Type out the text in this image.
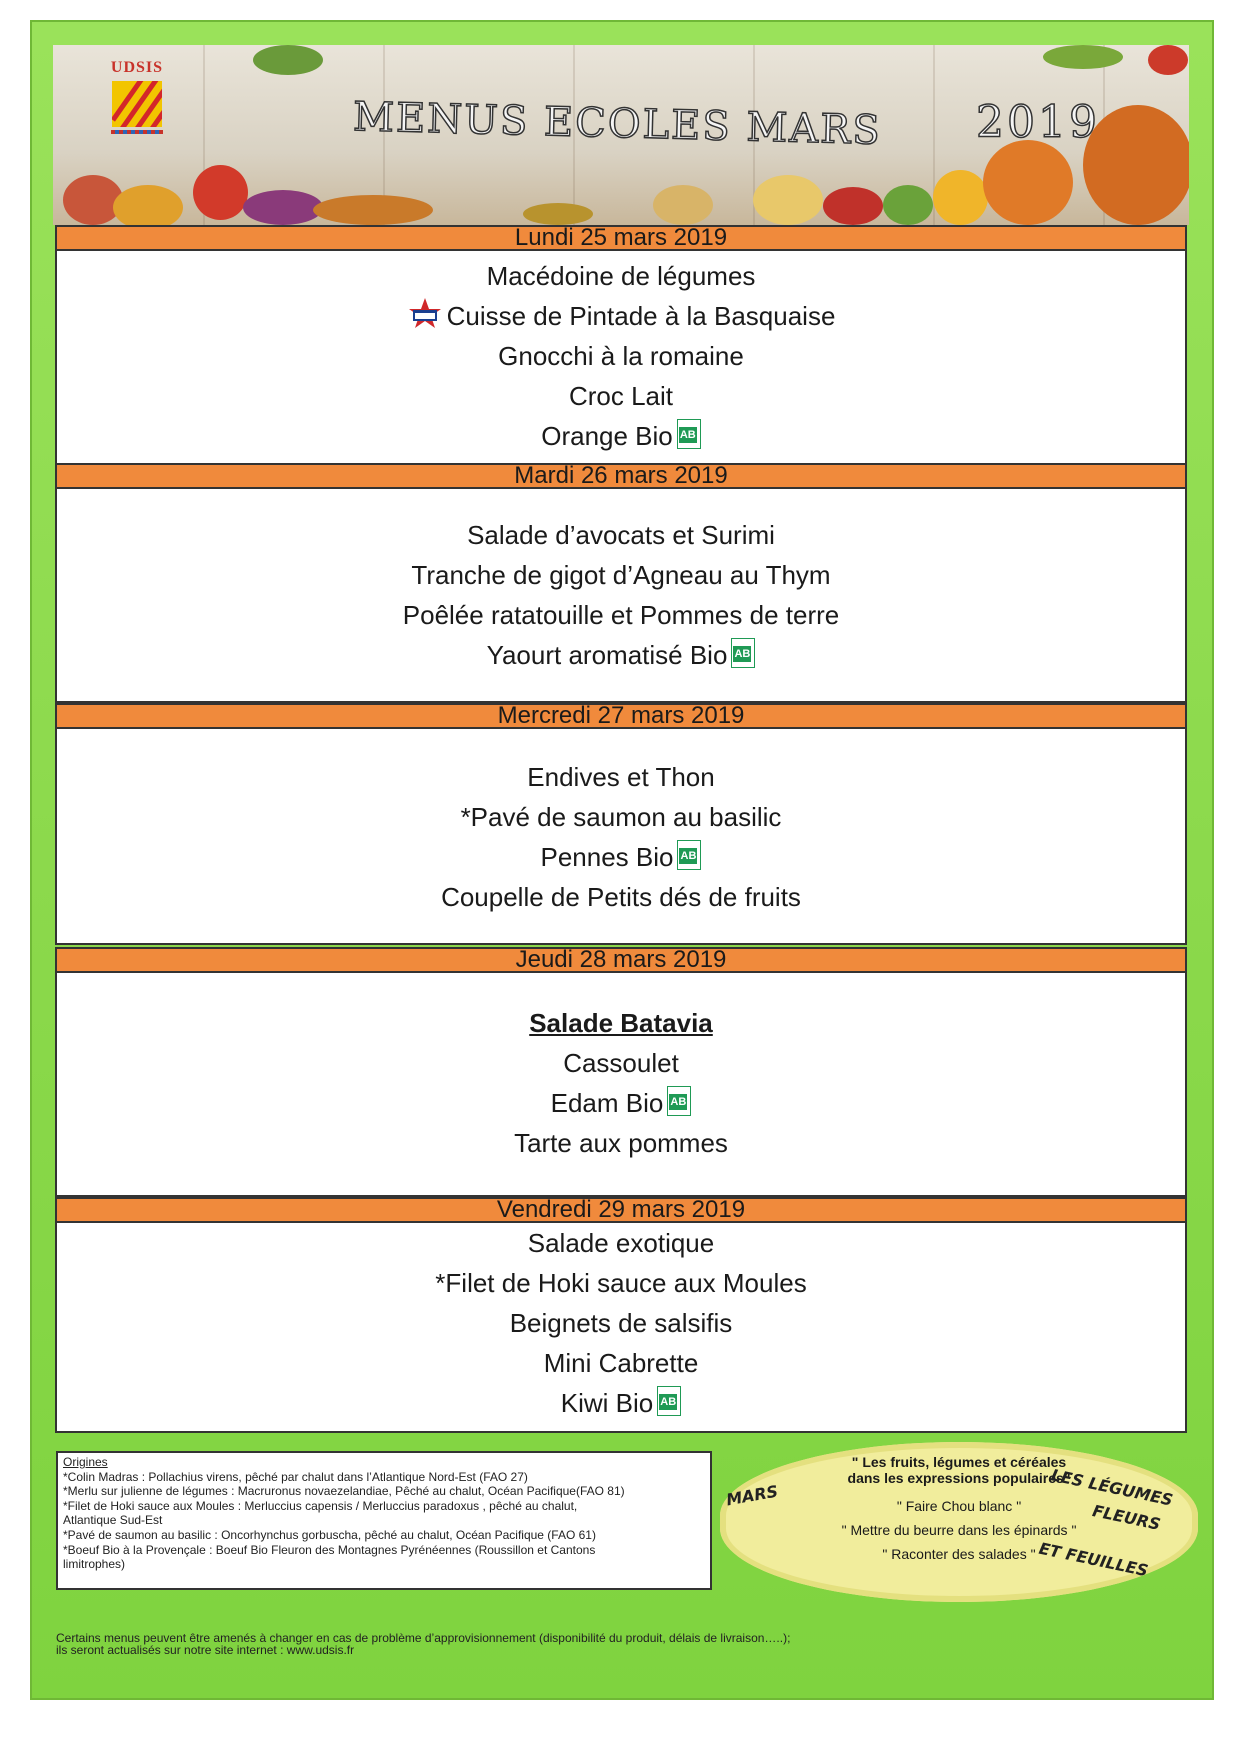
UDSIS
MENUS ECOLES MARS 2019
Lundi 25 mars 2019
Macédoine de légumes
Cuisse de Pintade à la Basquaise
Gnocchi à la romaine
Croc Lait
Orange BioAB
Mardi 26 mars 2019
Salade d’avocats et Surimi
Tranche de gigot d’Agneau au Thym
Poêlée ratatouille et Pommes de terre
Yaourt aromatisé BioAB
Mercredi 27 mars 2019
Endives et Thon
*Pavé de saumon au basilic
Pennes BioAB
Coupelle de Petits dés de fruits
Jeudi 28 mars 2019
Salade Batavia
Cassoulet
Edam BioAB
Tarte aux pommes
Vendredi 29 mars 2019
Salade exotique
*Filet de Hoki sauce aux Moules
Beignets de salsifis
Mini Cabrette
Kiwi BioAB
Origines
*Colin Madras : Pollachius virens, pêché par chalut dans l’Atlantique Nord-Est (FAO 27)
*Merlu sur julienne de légumes : Macruronus novaezelandiae, Pêché au chalut, Océan Pacifique(FAO 81)
*Filet de Hoki sauce aux Moules : Merluccius capensis / Merluccius paradoxus , pêché au chalut,
Atlantique Sud-Est
*Pavé de saumon au basilic : Oncorhynchus gorbuscha, pêché au chalut, Océan Pacifique (FAO 61)
*Boeuf Bio à la Provençale : Boeuf Bio Fleuron des Montagnes Pyrénéennes (Roussillon et Cantons
limitrophes)
" Les fruits, légumes et céréales
dans les expressions populaires"
" Faire Chou blanc "
" Mettre du beurre dans les épinards "
" Raconter des salades "
MARS	LES LÉGUMES
FLEURS
ET FEUILLES
Certains menus peuvent être amenés à changer en cas de problème d’approvisionnement (disponibilité du produit, délais de livraison…..);
ils seront actualisés sur notre site internet : www.udsis.fr
